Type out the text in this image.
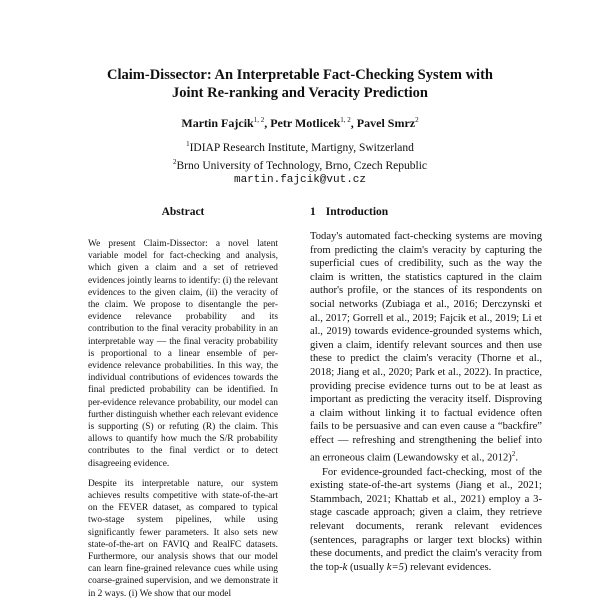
Claim-Dissector: An Interpretable Fact-Checking System with
Joint Re-ranking and Veracity Prediction
Martin Fajcik$^{1, 2}$, Petr Motlicek$^{1, 2}$, Pavel Smrz$^2$
$^1$IDIAP Research Institute, Martigny, Switzerland
$^2$Brno University of Technology, Brno, Czech Republic
martin.fajcik@vut.cz
Abstract

We present Claim-Dissector: a novel latent variable model for fact-checking and analysis, which given a claim and a set of retrieved evidences jointly learns to identify: (i) the relevant evidences to the given claim, (ii) the veracity of the claim. We propose to disentangle the per-evidence relevance probability and its contribution to the final veracity probability in an interpretable way — the final veracity probability is proportional to a linear ensemble of per-evidence relevance probabilities. In this way, the individual contributions of evidences towards the final predicted probability can be identified. In per-evidence relevance probability, our model can further distinguish whether each relevant evidence is supporting (S) or refuting (R) the claim. This allows to quantify how much the S/R probability contributes to the final verdict or to detect disagreeing evidence.

Despite its interpretable nature, our system achieves results competitive with state-of-the-art on the FEVER dataset, as compared to typical two-stage system pipelines, while using significantly fewer parameters. It also sets new state-of-the-art on FAVIQ and RealFC datasets. Furthermore, our analysis shows that our model can learn fine-grained relevance cues while using coarse-grained supervision, and we demonstrate it in 2 ways. (i) We show that our model

1 Introduction

Today's automated fact-checking systems are moving from predicting the claim's veracity by capturing the superficial cues of credibility, such as the way the claim is written, the statistics captured in the claim author's profile, or the stances of its respondents on social networks (Zubiaga et al., 2016; Derczynski et al., 2017; Gorrell et al., 2019; Fajcik et al., 2019; Li et al., 2019) towards evidence-grounded systems which, given a claim, identify relevant sources and then use these to predict the claim's veracity (Thorne et al., 2018; Jiang et al., 2020; Park et al., 2022). In practice, providing precise evidence turns out to be at least as important as predicting the veracity itself. Disproving a claim without linking it to factual evidence often fails to be persuasive and can even cause a “backfire” effect — refreshing and strengthening the belief into an erroneous claim (Lewandowsky et al., 2012)$^2$.

For evidence-grounded fact-checking, most of the existing state-of-the-art systems (Jiang et al., 2021; Stammbach, 2021; Khattab et al., 2021) employ a 3-stage cascade approach; given a claim, they retrieve relevant documents, rerank relevant evidences (sentences, paragraphs or larger text blocks) within these documents, and predict the claim's veracity from the top-k (usually k=5) relevant evidences.
